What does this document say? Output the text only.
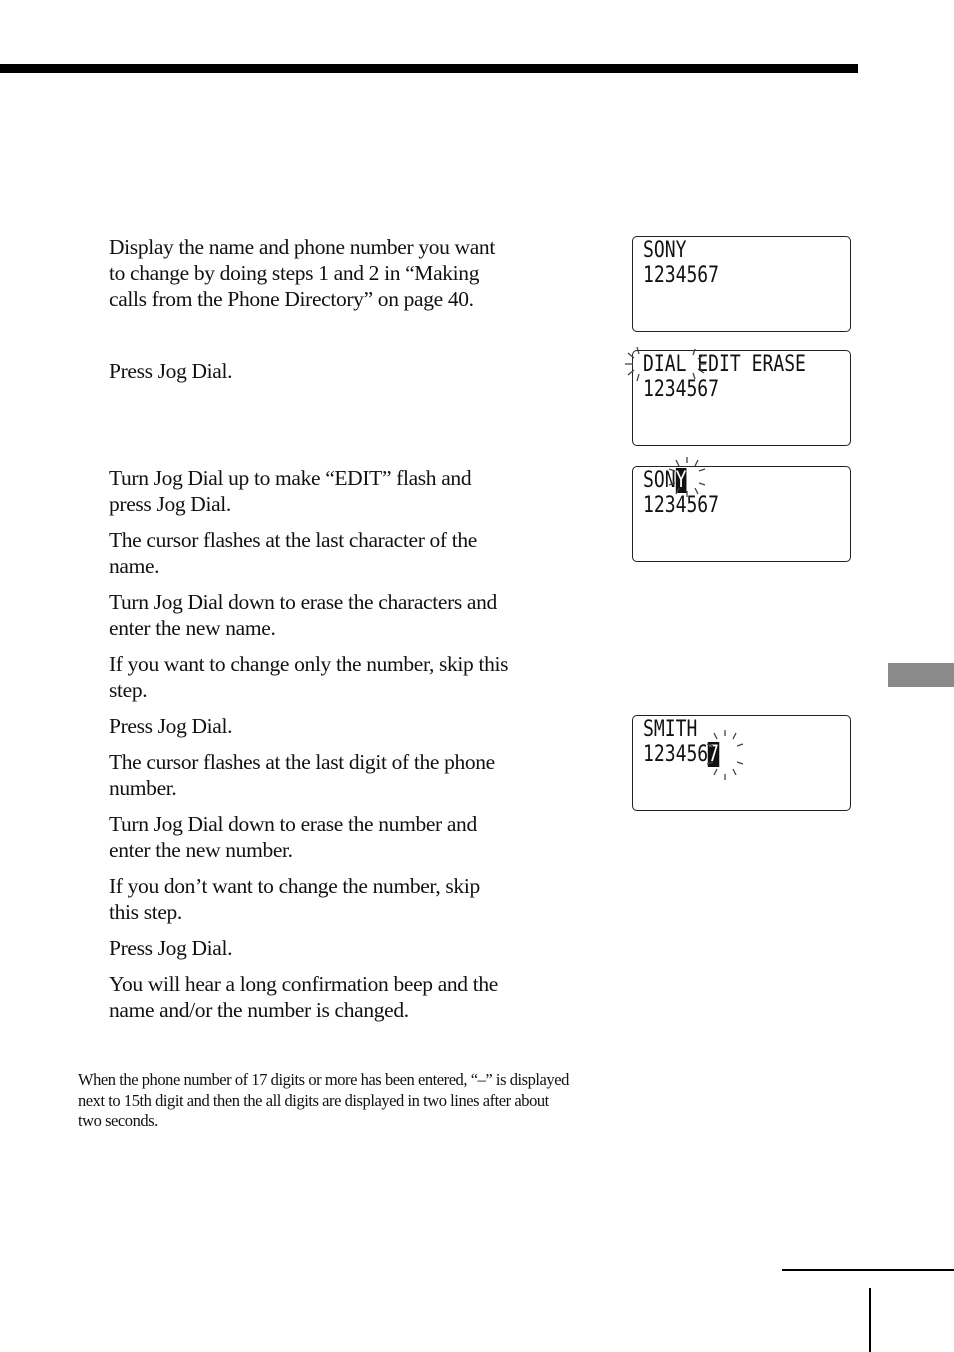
Display the name and phone number you want
to change by doing steps 1 and 2 in “Making
calls from the Phone Directory” on page 40.

Press Jog Dial.

Turn Jog Dial up to make “EDIT” flash and
press Jog Dial.

The cursor flashes at the last character of the
name.

Turn Jog Dial down to erase the characters and
enter the new name.

If you want to change only the number, skip this
step.

Press Jog Dial.

The cursor flashes at the last digit of the phone
number.

Turn Jog Dial down to erase the number and
enter the new number.

If you don’t want to change the number, skip
this step.

Press Jog Dial.

You will hear a long confirmation beep and the
name and/or the number is changed.

When the phone number of 17 digits or more has been entered, “–” is displayed
next to 15th digit and then the all digits are displayed in two lines after about
two seconds.

SONY
1234567
DIAL EDIT ERASE
1234567
SONY
1234567
SMITH
1234567
